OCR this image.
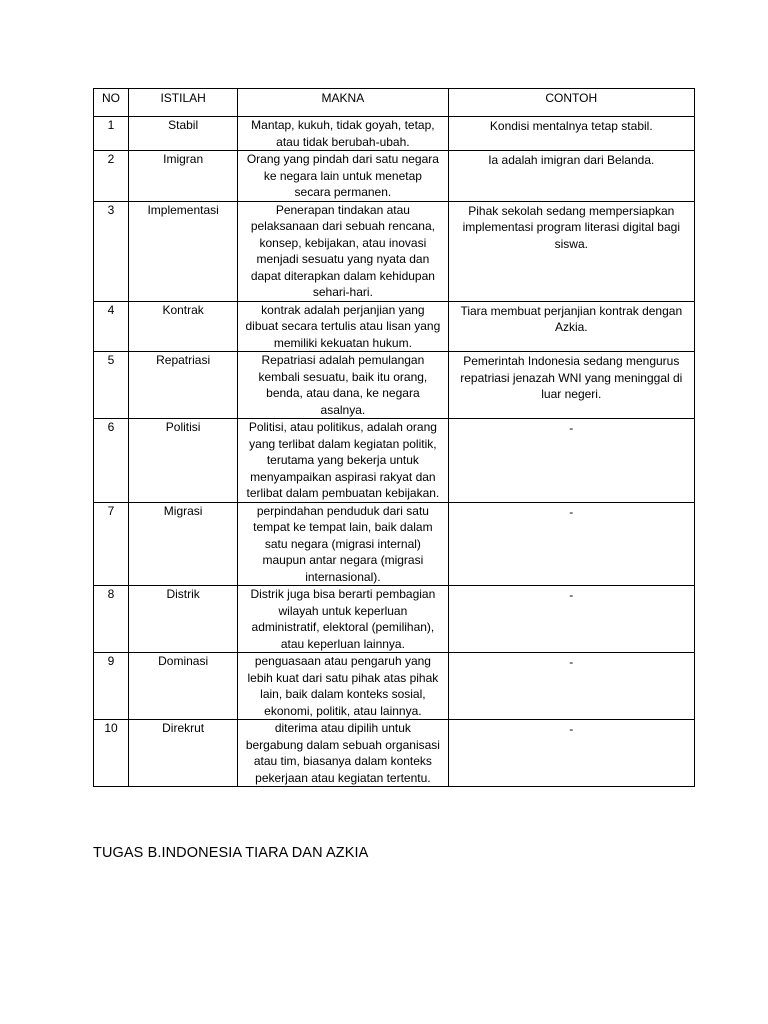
NO	ISTILAH	MAKNA	CONTOH
1	Stabil	Mantap, kukuh, tidak goyah, tetap, atau tidak berubah-ubah.	Kondisi mentalnya tetap stabil.
2	Imigran	Orang yang pindah dari satu negara ke negara lain untuk menetap secara permanen.	Ia adalah imigran dari Belanda.
3	Implementasi	Penerapan tindakan atau pelaksanaan dari sebuah rencana, konsep, kebijakan, atau inovasi menjadi sesuatu yang nyata dan dapat diterapkan dalam kehidupan sehari-hari.	Pihak sekolah sedang mempersiapkan implementasi program literasi digital bagi siswa.
4	Kontrak	kontrak adalah perjanjian yang dibuat secara tertulis atau lisan yang memiliki kekuatan hukum.	Tiara membuat perjanjian kontrak dengan Azkia.
5	Repatriasi	Repatriasi adalah pemulangan kembali sesuatu, baik itu orang, benda, atau dana, ke negara asalnya.	Pemerintah Indonesia sedang mengurus repatriasi jenazah WNI yang meninggal di luar negeri.
6	Politisi	Politisi, atau politikus, adalah orang yang terlibat dalam kegiatan politik, terutama yang bekerja untuk menyampaikan aspirasi rakyat dan terlibat dalam pembuatan kebijakan.	-
7	Migrasi	perpindahan penduduk dari satu tempat ke tempat lain, baik dalam satu negara (migrasi internal) maupun antar negara (migrasi internasional).	-
8	Distrik	Distrik juga bisa berarti pembagian wilayah untuk keperluan administratif, elektoral (pemilihan), atau keperluan lainnya.	-
9	Dominasi	penguasaan atau pengaruh yang lebih kuat dari satu pihak atas pihak lain, baik dalam konteks sosial, ekonomi, politik, atau lainnya.	-
10	Direkrut	diterima atau dipilih untuk bergabung dalam sebuah organisasi atau tim, biasanya dalam konteks pekerjaan atau kegiatan tertentu.	-
TUGAS B.INDONESIA TIARA DAN AZKIA
